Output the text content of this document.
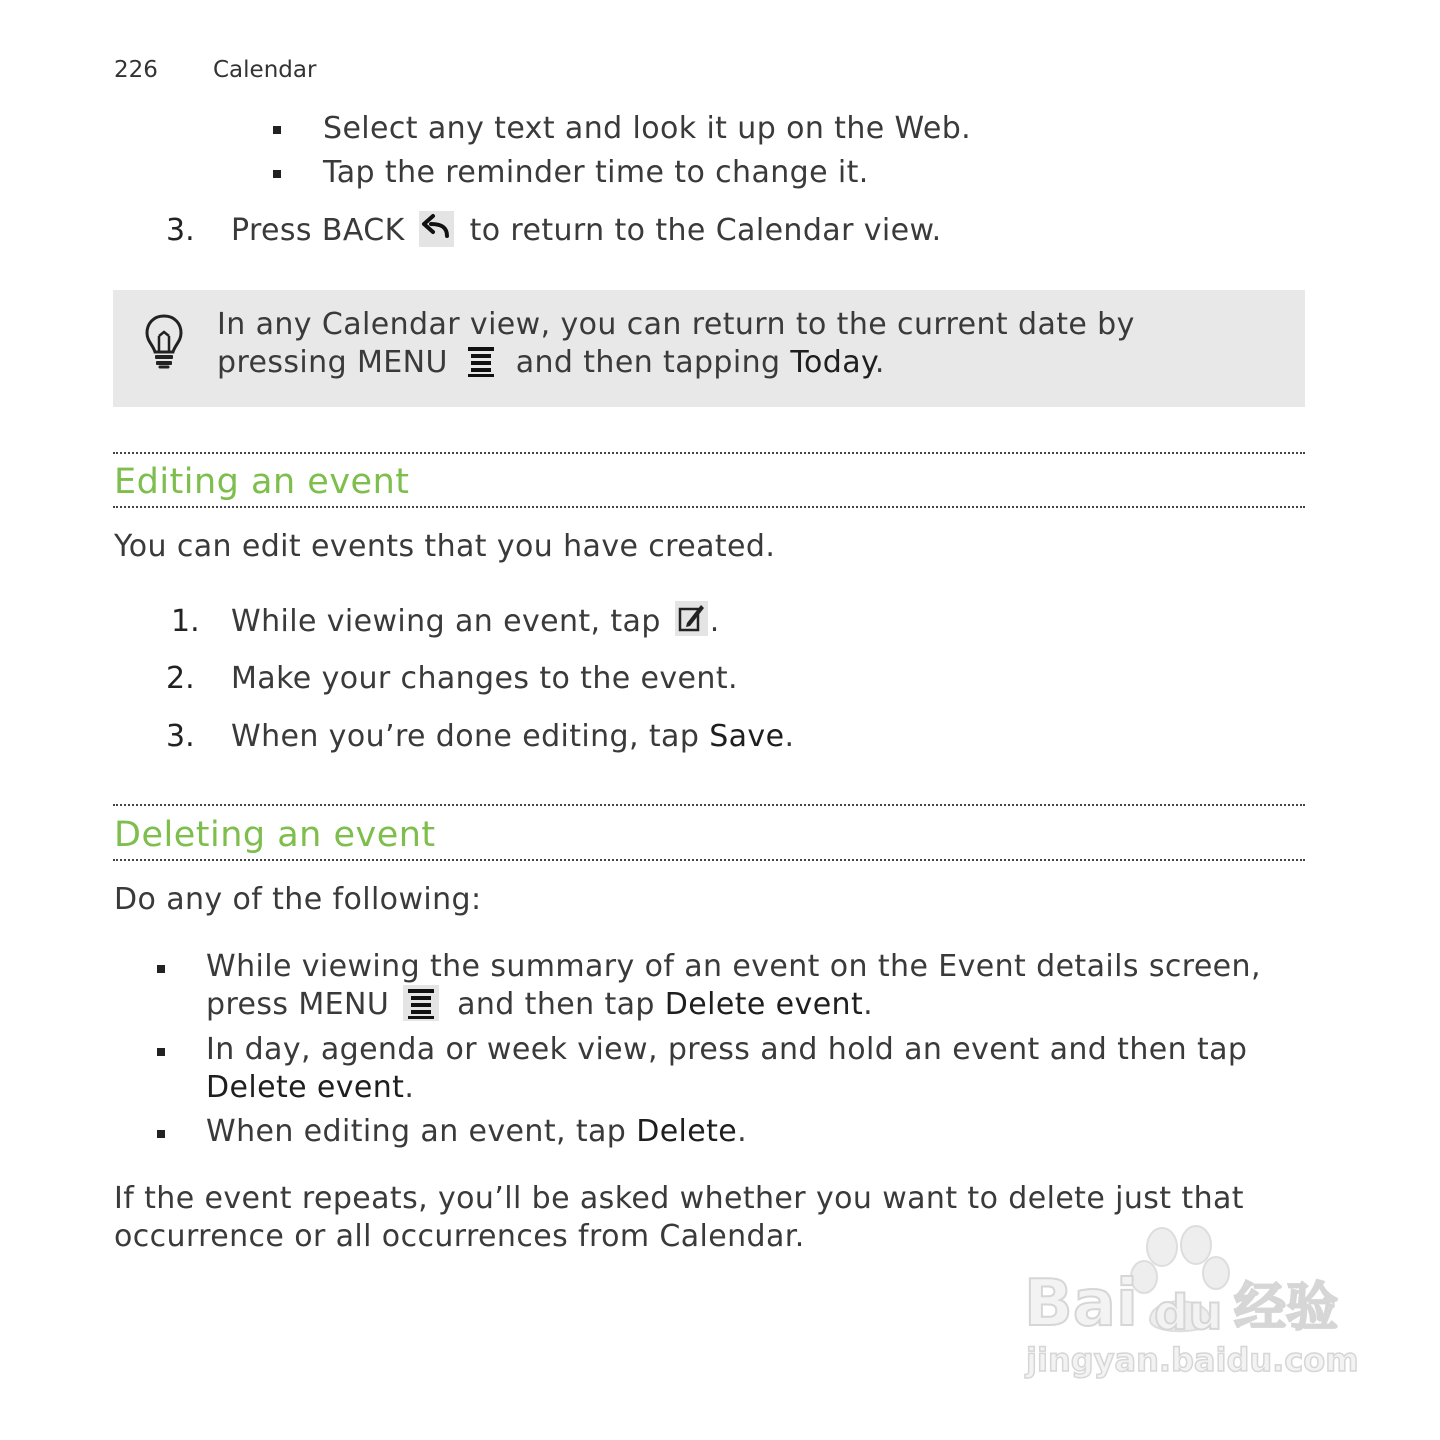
226 Calendar
Select any text and look it up on the Web.
Tap the reminder time to change it.
3. Press BACK to return to the Calendar view.
In any Calendar view, you can return to the current date by
pressing MENU and then tapping Today.
Editing an event
You can edit events that you have created.
1. While viewing an event, tap .
2. Make your changes to the event.
3. When you’re done editing, tap Save.
Deleting an event
Do any of the following:
While viewing the summary of an event on the Event details screen,
press MENU and then tap Delete event.
In day, agenda or week view, press and hold an event and then tap
Delete event.
When editing an event, tap Delete.
If the event repeats, you’ll be asked whether you want to delete just that
occurrence or all occurrences from Calendar.
Bai du 经验
jingyan.baidu.com
